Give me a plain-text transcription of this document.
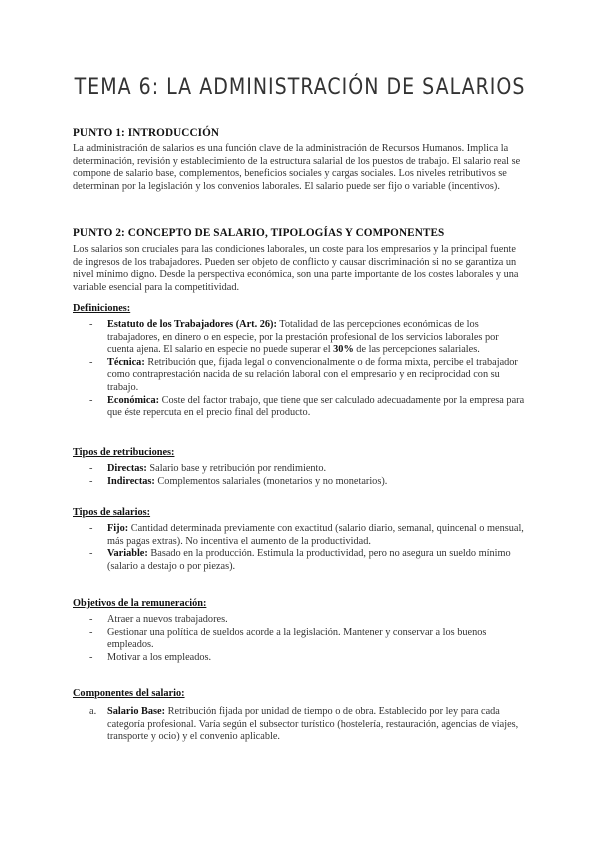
TEMA 6: LA ADMINISTRACIÓN DE SALARIOS

PUNTO 1: INTRODUCCIÓN

La administración de salarios es una función clave de la administración de Recursos Humanos. Implica la determinación, revisión y establecimiento de la estructura salarial de los puestos de trabajo. El salario real se compone de salario base, complementos, beneficios sociales y cargas sociales. Los niveles retributivos se determinan por la legislación y los convenios laborales. El salario puede ser fijo o variable (incentivos).

PUNTO 2: CONCEPTO DE SALARIO, TIPOLOGÍAS Y COMPONENTES

Los salarios son cruciales para las condiciones laborales, un coste para los empresarios y la principal fuente de ingresos de los trabajadores. Pueden ser objeto de conflicto y causar discriminación si no se garantiza un nivel mínimo digno. Desde la perspectiva económica, son una parte importante de los costes laborales y una variable esencial para la competitividad.

Definiciones:

- Estatuto de los Trabajadores (Art. 26): Totalidad de las percepciones económicas de los trabajadores, en dinero o en especie, por la prestación profesional de los servicios laborales por cuenta ajena. El salario en especie no puede superar el 30% de las percepciones salariales.
- Técnica: Retribución que, fijada legal o convencionalmente o de forma mixta, percibe el trabajador como contraprestación nacida de su relación laboral con el empresario y en reciprocidad con su trabajo.
- Económica: Coste del factor trabajo, que tiene que ser calculado adecuadamente por la empresa para que éste repercuta en el precio final del producto.

Tipos de retribuciones:

- Directas: Salario base y retribución por rendimiento.
- Indirectas: Complementos salariales (monetarios y no monetarios).

Tipos de salarios:

- Fijo: Cantidad determinada previamente con exactitud (salario diario, semanal, quincenal o mensual, más pagas extras). No incentiva el aumento de la productividad.
- Variable: Basado en la producción. Estimula la productividad, pero no asegura un sueldo mínimo (salario a destajo o por piezas).

Objetivos de la remuneración:

- Atraer a nuevos trabajadores.
- Gestionar una política de sueldos acorde a la legislación. Mantener y conservar a los buenos empleados.
- Motivar a los empleados.

Componentes del salario:

a. Salario Base: Retribución fijada por unidad de tiempo o de obra. Establecido por ley para cada categoría profesional. Varía según el subsector turístico (hostelería, restauración, agencias de viajes, transporte y ocio) y el convenio aplicable.
